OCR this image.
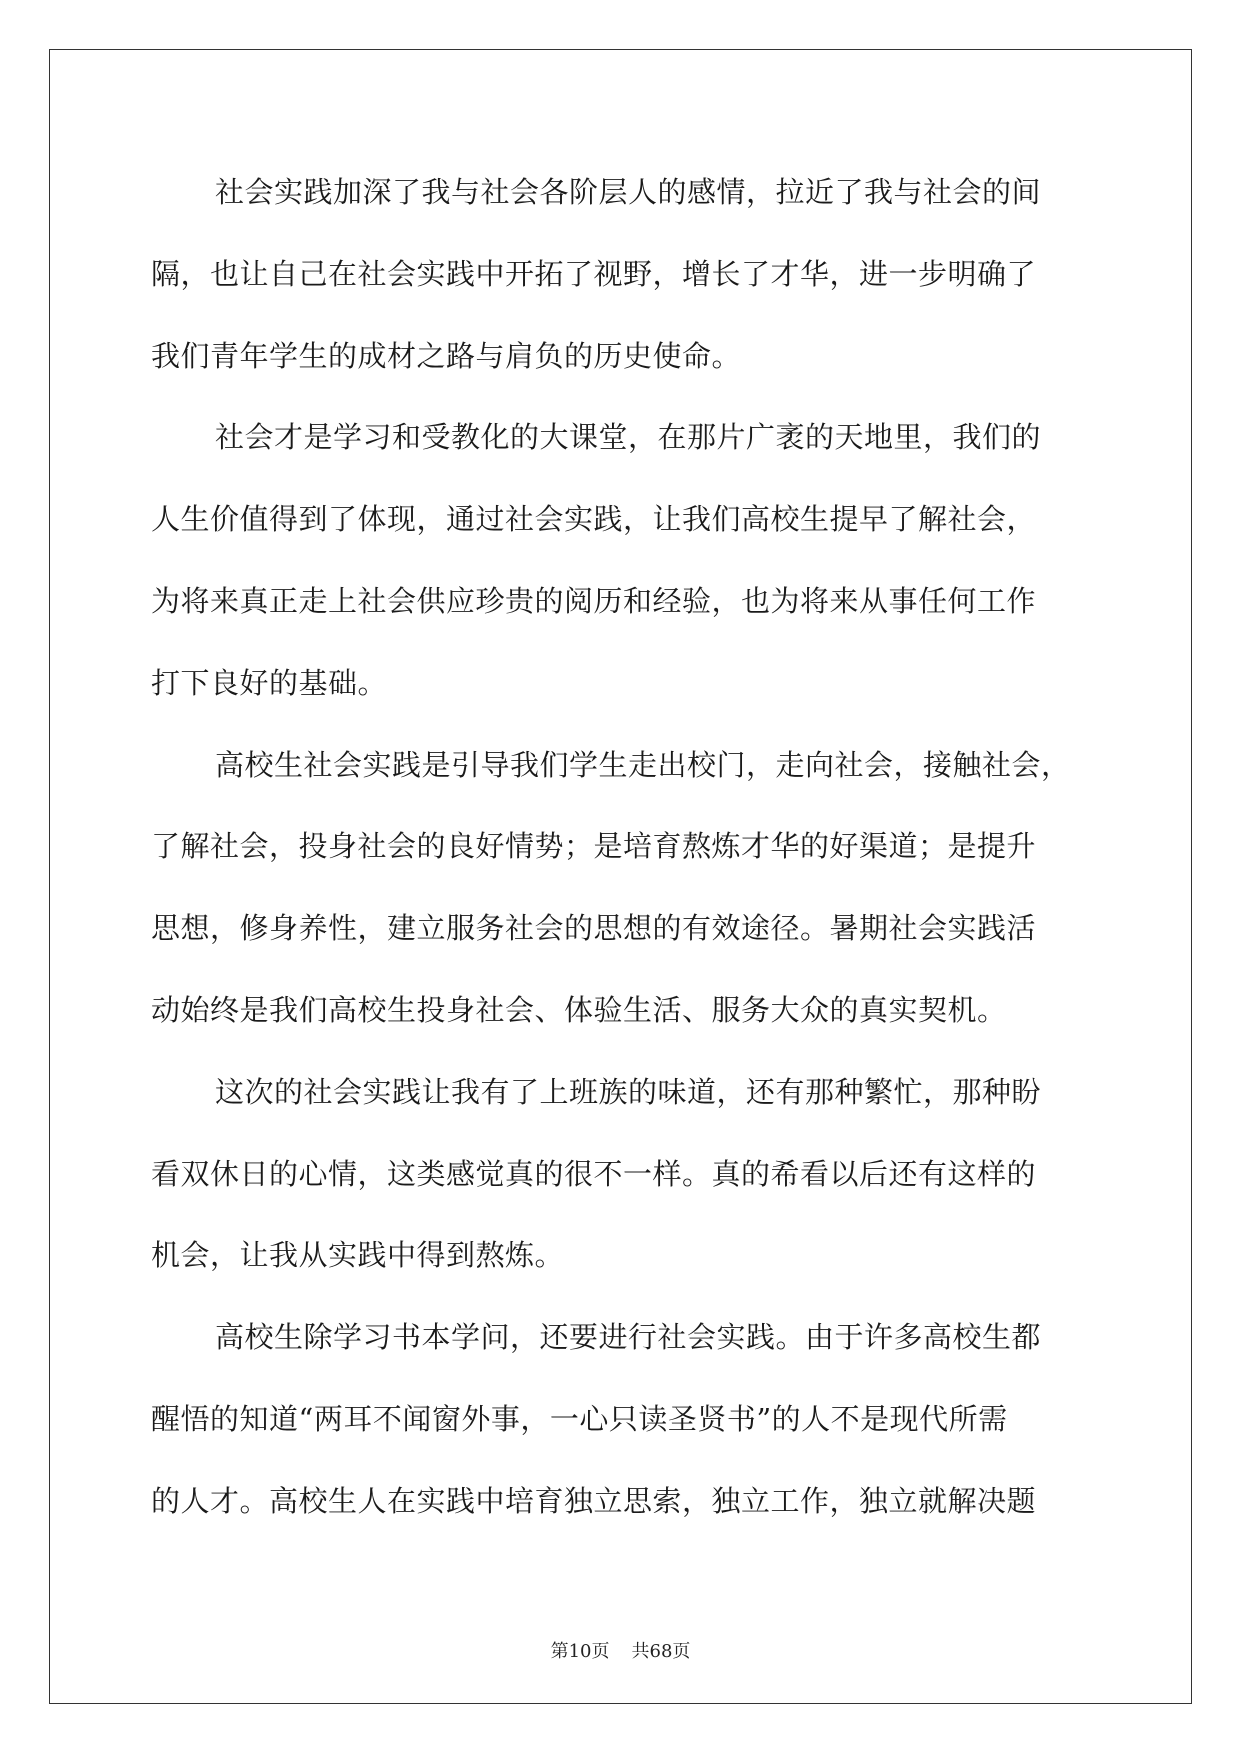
社会实践加深了我与社会各阶层人的感情，拉近了我与社会的间
隔，也让自己在社会实践中开拓了视野，增长了才华，进一步明确了
我们青年学生的成材之路与肩负的历史使命。
社会才是学习和受教化的大课堂，在那片广袤的天地里，我们的
人生价值得到了体现，通过社会实践，让我们高校生提早了解社会，
为将来真正走上社会供应珍贵的阅历和经验，也为将来从事任何工作
打下良好的基础。
高校生社会实践是引导我们学生走出校门，走向社会，接触社会，
了解社会，投身社会的良好情势；是培育熬炼才华的好渠道；是提升
思想，修身养性，建立服务社会的思想的有效途径。暑期社会实践活
动始终是我们高校生投身社会、体验生活、服务大众的真实契机。
这次的社会实践让我有了上班族的味道，还有那种繁忙，那种盼
看双休日的心情，这类感觉真的很不一样。真的希看以后还有这样的
机会，让我从实践中得到熬炼。
高校生除学习书本学问，还要进行社会实践。由于许多高校生都
醒悟的知道“两耳不闻窗外事，一心只读圣贤书”的人不是现代所需
的人才。高校生人在实践中培育独立思索，独立工作，独立就解决题
第10页 共68页
